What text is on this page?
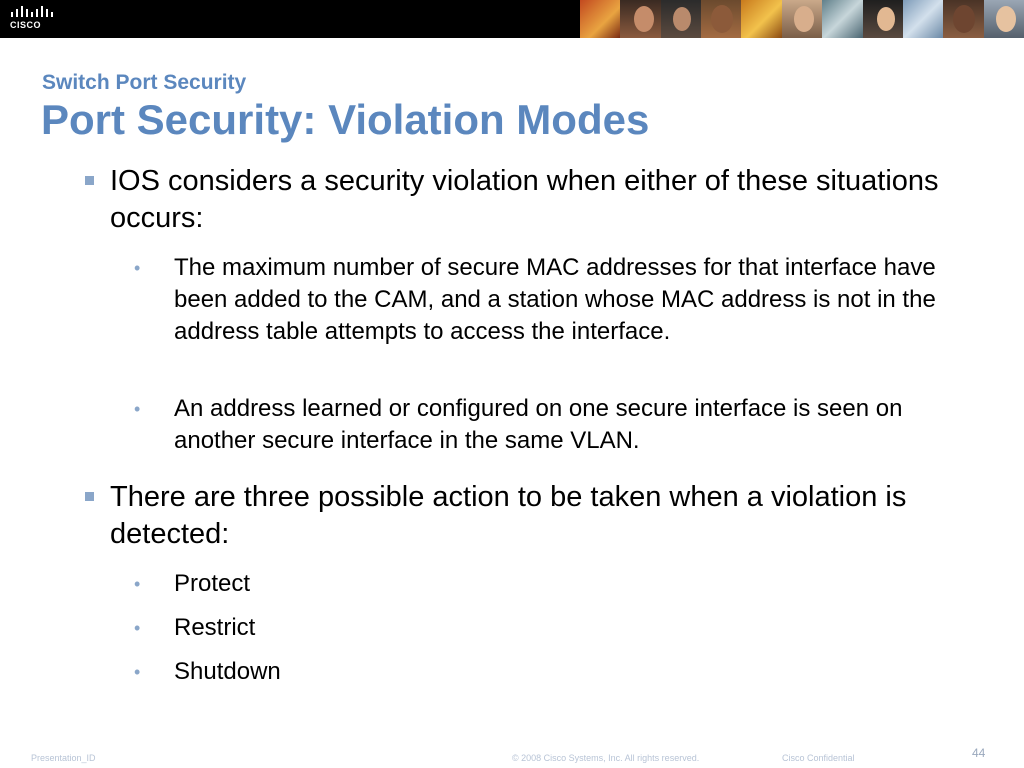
CISCO
Switch Port Security
Port Security: Violation Modes
IOS considers a security violation when either of these situations occurs:
• The maximum number of secure MAC addresses for that interface have been added to the CAM, and a station whose MAC address is not in the address table attempts to access the interface.
• An address learned or configured on one secure interface is seen on another secure interface in the same VLAN.
There are three possible action to be taken when a violation is detected:
• Protect
• Restrict
• Shutdown
Presentation_ID	© 2008 Cisco Systems, Inc. All rights reserved.	Cisco Confidential	44
